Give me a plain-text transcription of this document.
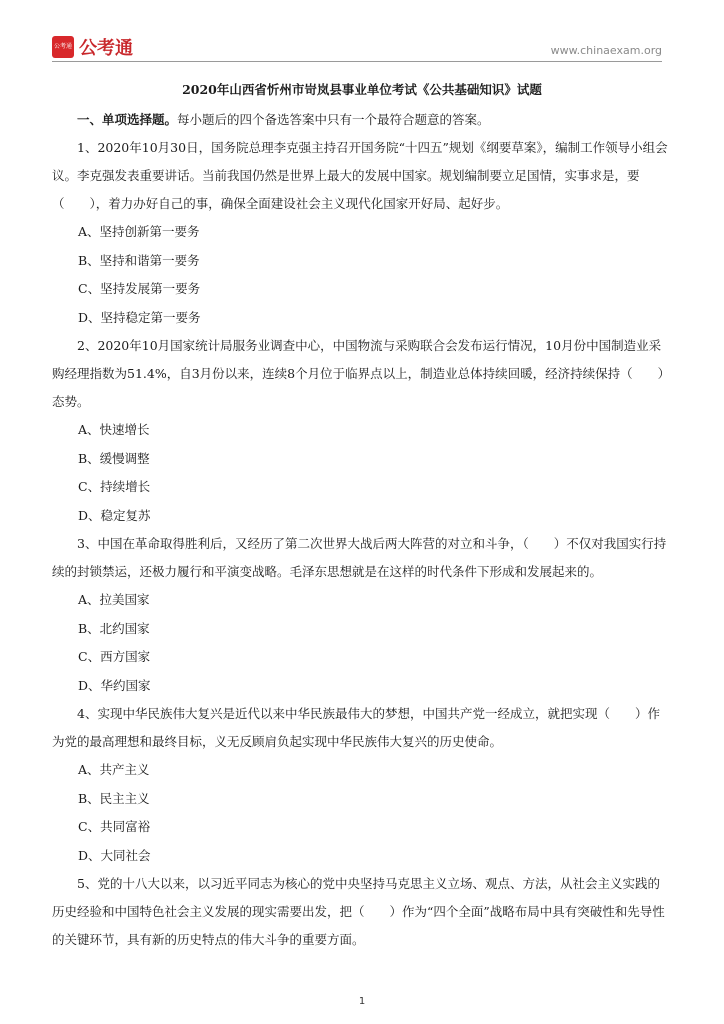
公考通 公考通	www.chinaexam.org

2020年山西省忻州市岢岚县事业单位考试《公共基础知识》试题

一、单项选择题。每小题后的四个备选答案中只有一个最符合题意的答案。

1、2020年10月30日，国务院总理李克强主持召开国务院“十四五”规划《纲要草案》，编制工作领导小组会议。李克强发表重要讲话。当前我国仍然是世界上最大的发展中国家。规划编制要立足国情，实事求是，要（　　），着力办好自己的事，确保全面建设社会主义现代化国家开好局、起好步。

A、坚持创新第一要务

B、坚持和谐第一要务

C、坚持发展第一要务

D、坚持稳定第一要务

2、2020年10月国家统计局服务业调查中心，中国物流与采购联合会发布运行情况，10月份中国制造业采购经理指数为51.4%，自3月份以来，连续8个月位于临界点以上，制造业总体持续回暖，经济持续保持（　　）态势。

A、快速增长

B、缓慢调整

C、持续增长

D、稳定复苏

3、中国在革命取得胜利后，又经历了第二次世界大战后两大阵营的对立和斗争，（　　）不仅对我国实行持续的封锁禁运，还极力履行和平演变战略。毛泽东思想就是在这样的时代条件下形成和发展起来的。

A、拉美国家

B、北约国家

C、西方国家

D、华约国家

4、实现中华民族伟大复兴是近代以来中华民族最伟大的梦想，中国共产党一经成立，就把实现（　　）作为党的最高理想和最终目标，义无反顾肩负起实现中华民族伟大复兴的历史使命。

A、共产主义

B、民主主义

C、共同富裕

D、大同社会

5、党的十八大以来，以习近平同志为核心的党中央坚持马克思主义立场、观点、方法，从社会主义实践的历史经验和中国特色社会主义发展的现实需要出发，把（　　）作为“四个全面”战略布局中具有突破性和先导性的关键环节，具有新的历史特点的伟大斗争的重要方面。

1
